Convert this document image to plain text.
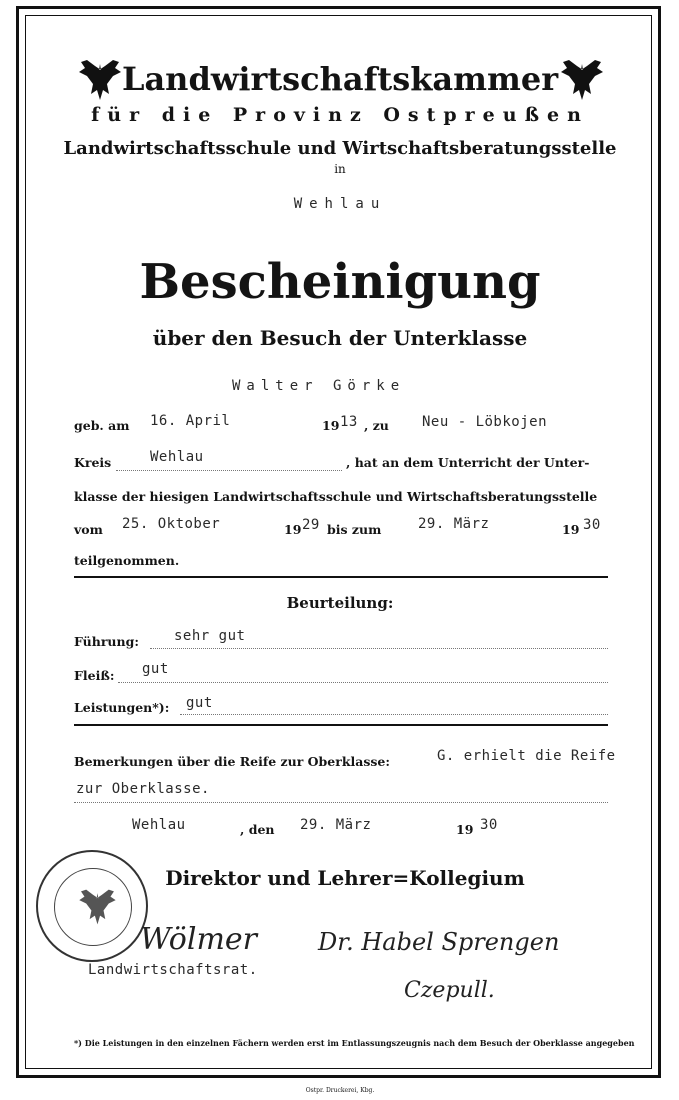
Landwirtschaftskammer
für die Provinz Ostpreußen
Landwirtschaftsschule und Wirtschaftsberatungsstelle
in
Wehlau
Bescheinigung
über den Besuch der Unterklasse
Walter Görke
geb. am 16. April	19 13 , zu Neu - Löbkojen
Kreis	Wehlau	, hat an dem Unterricht der Unter-
klasse der hiesigen Landwirtschaftsschule und Wirtschaftsberatungsstelle
vom 25. Oktober	19 29 bis zum	29. März	19 30
teilgenommen.
Beurteilung:
Führung:	sehr gut
Fleiß: gut
Leistungen*): gut
Bemerkungen über die Reife zur Oberklasse:	G. erhielt die Reife
zur Oberklasse.
Wehlau	, den 29. März	19 30
Direktor und Lehrer=Kollegium
Wölmer
Landwirtschaftsrat.
Dr. Habel Sprengen
Czepull.
*) Die Leistungen in den einzelnen Fächern werden erst im Entlassungszeugnis nach dem Besuch der Oberklasse angegeben
Ostpr. Druckerei, Kbg.
